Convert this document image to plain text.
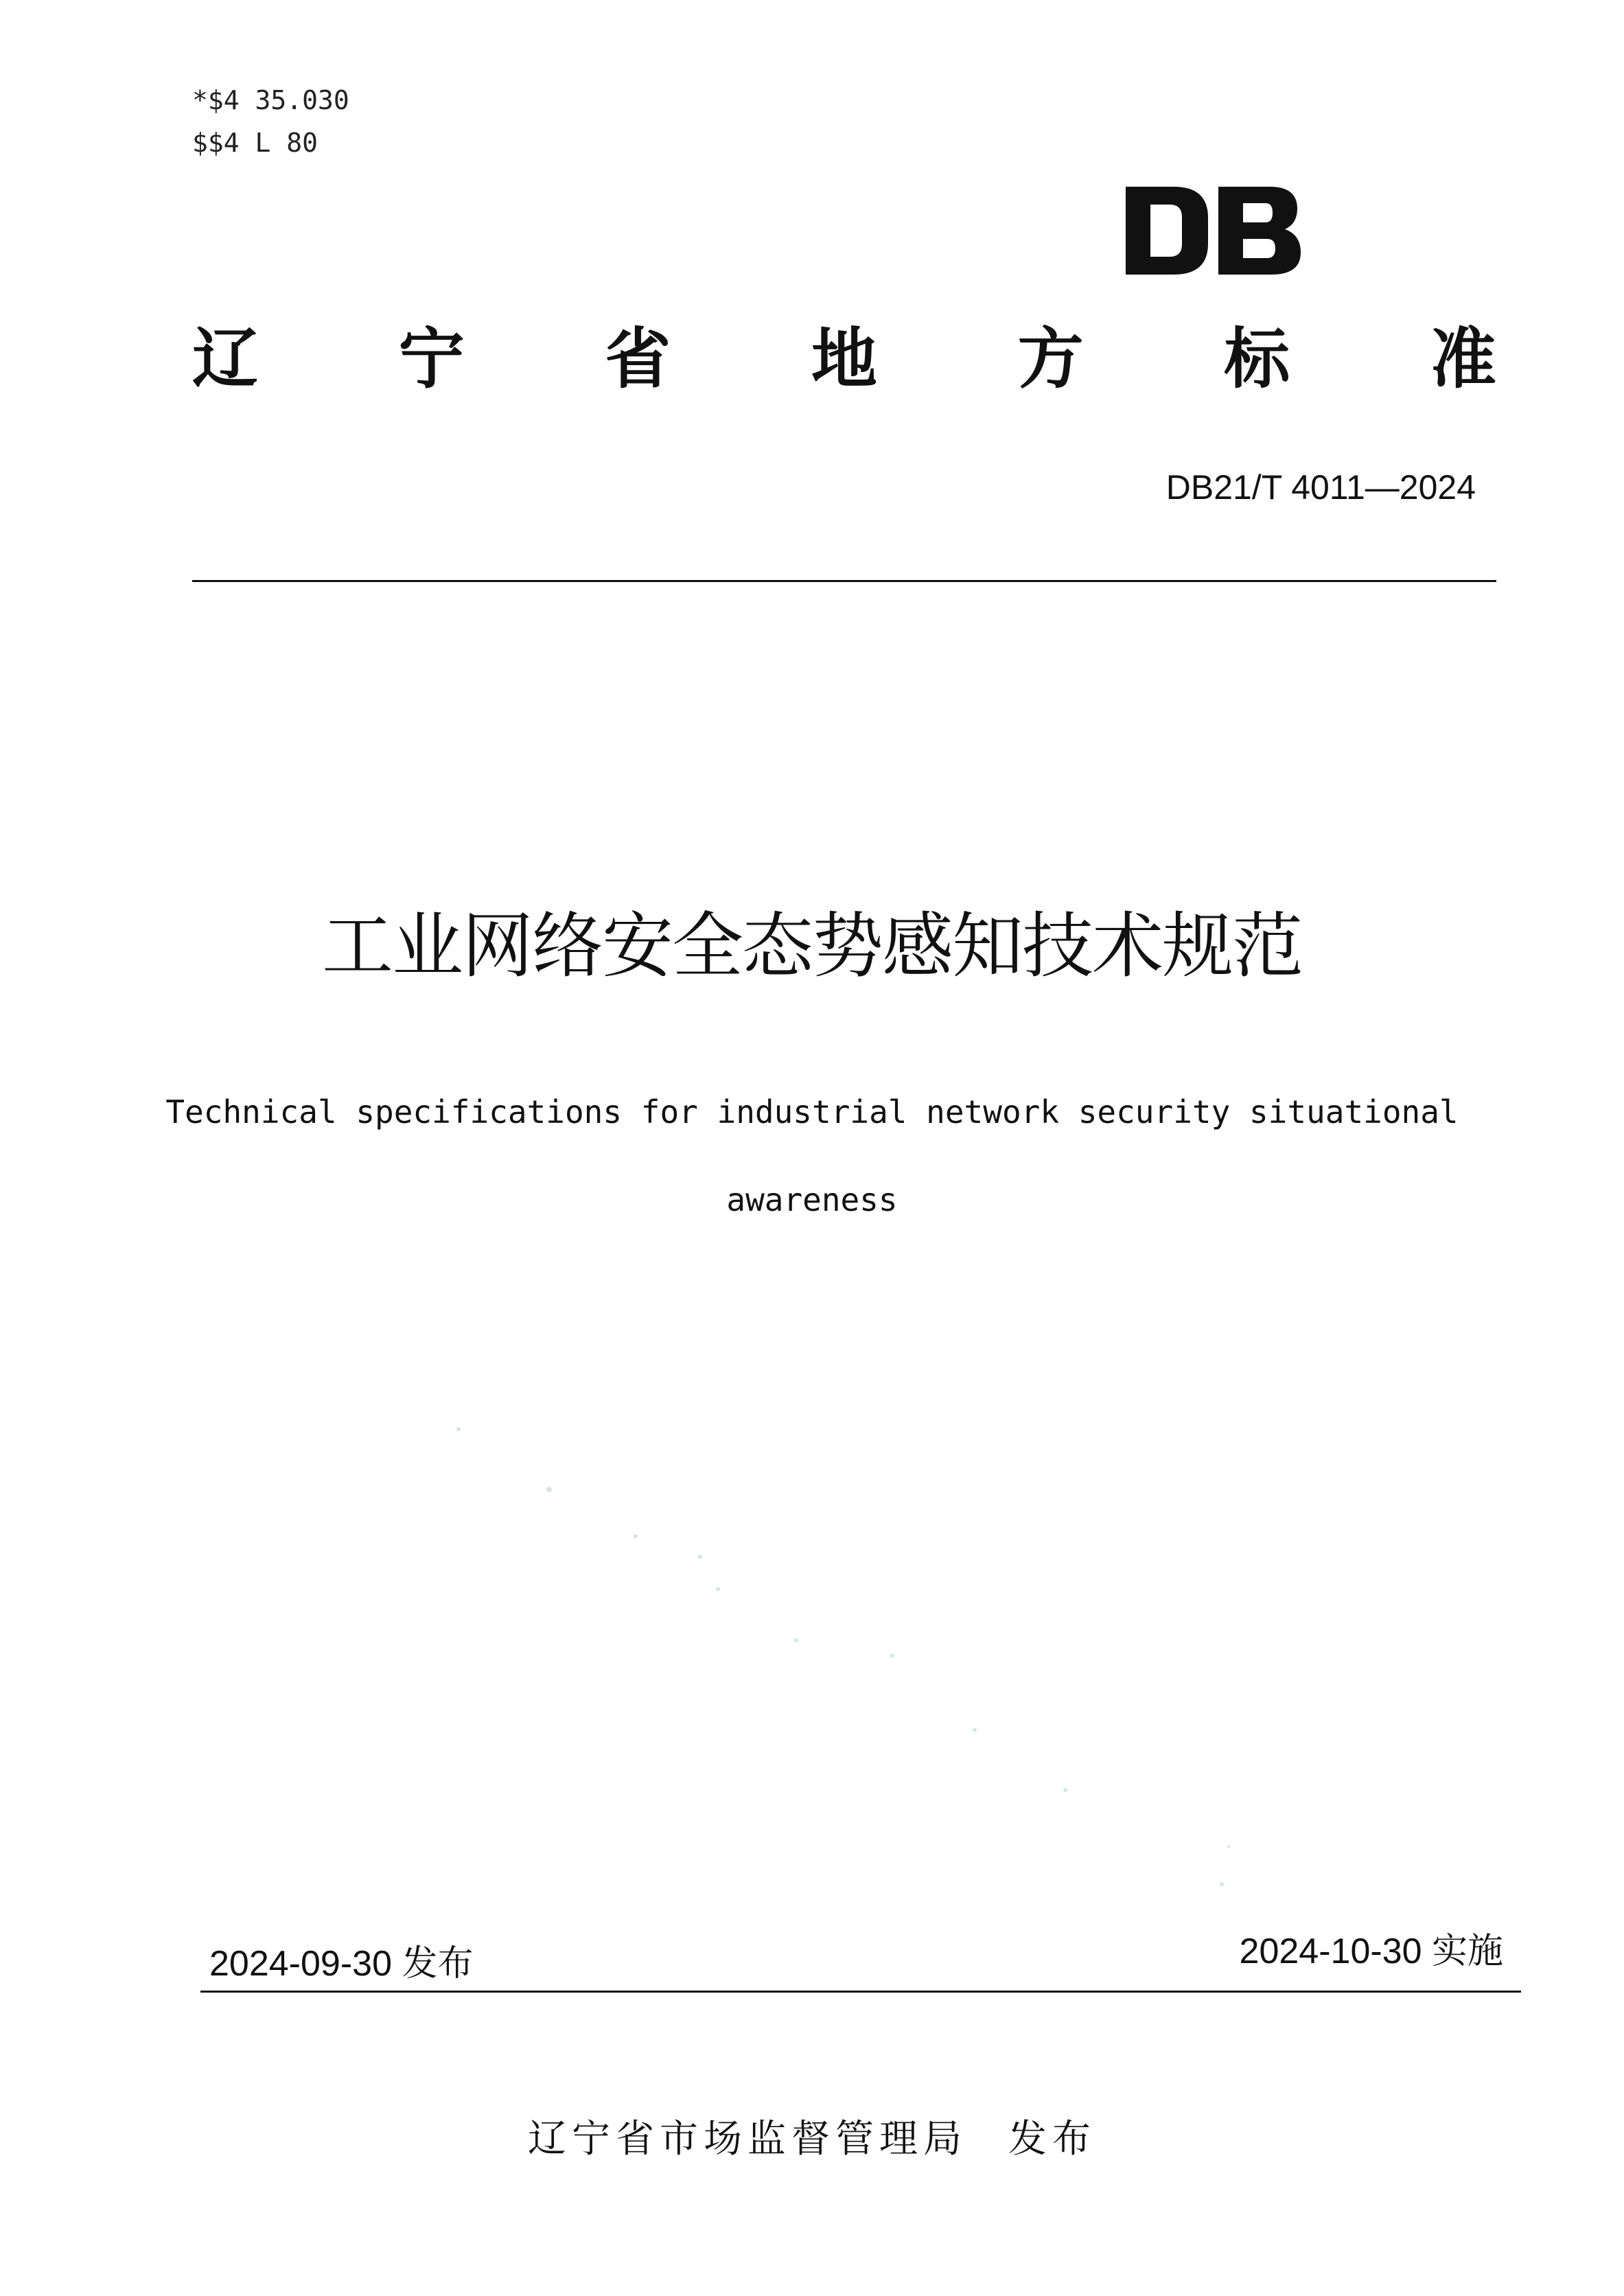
*$4 35.030
$$4 L 80
辽 宁 省 地 方 标 准
DB21/T 4011—2024
工业网络安全态势感知技术规范
Technical specifications for industrial network security situational
awareness
2024-09-30 发布	2024-10-30 实施
辽宁省市场监督管理局 发布
